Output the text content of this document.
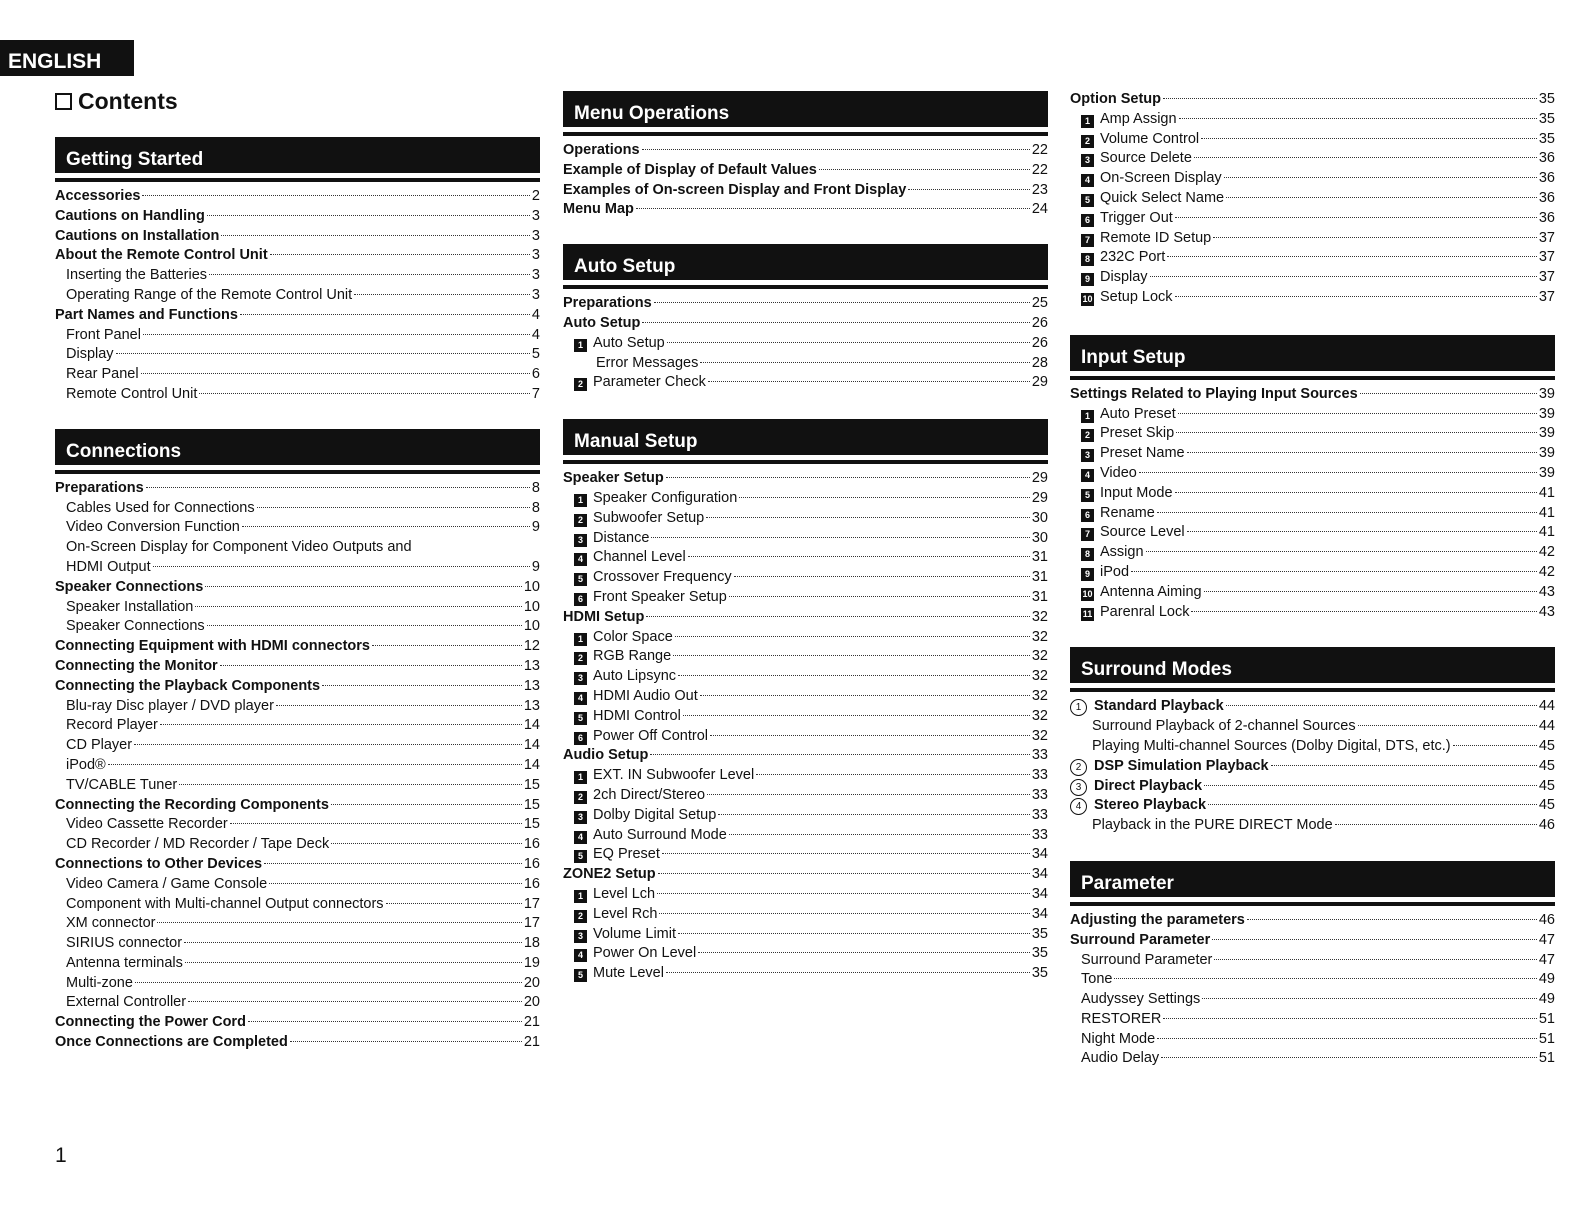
ENGLISH
Contents
Getting Started
Accessories	2
Cautions on Handling	3
Cautions on Installation	3
About the Remote Control Unit	3
Inserting the Batteries	3
Operating Range of the Remote Control Unit	3
Part Names and Functions	4
Front Panel	4
Display	5
Rear Panel	6
Remote Control Unit	7
Connections
Preparations	8
Cables Used for Connections	8
Video Conversion Function	9
On-Screen Display for Component Video Outputs and
HDMI Output	9
Speaker Connections	10
Speaker Installation	10
Speaker Connections	10
Connecting Equipment with HDMI connectors	12
Connecting the Monitor	13
Connecting the Playback Components	13
Blu-ray Disc player / DVD player	13
Record Player	14
CD Player	14
iPod®	14
TV/CABLE Tuner	15
Connecting the Recording Components	15
Video Cassette Recorder	15
CD Recorder / MD Recorder / Tape Deck	16
Connections to Other Devices	16
Video Camera / Game Console	16
Component with Multi-channel Output connectors	17
XM connector	17
SIRIUS connector	18
Antenna terminals	19
Multi-zone	20
External Controller	20
Connecting the Power Cord	21
Once Connections are Completed	21
Menu Operations
Operations	22
Example of Display of Default Values	22
Examples of On-screen Display and Front Display	23
Menu Map	24
Auto Setup
Preparations	25
Auto Setup	26
1 Auto Setup	26
Error Messages	28
2 Parameter Check	29
Manual Setup
Speaker Setup	29
1 Speaker Configuration	29
2 Subwoofer Setup	30
3 Distance	30
4 Channel Level	31
5 Crossover Frequency	31
6 Front Speaker Setup	31
HDMI Setup	32
1 Color Space	32
2 RGB Range	32
3 Auto Lipsync	32
4 HDMI Audio Out	32
5 HDMI Control	32
6 Power Off Control	32
Audio Setup	33
1 EXT. IN Subwoofer Level	33
2 2ch Direct/Stereo	33
3 Dolby Digital Setup	33
4 Auto Surround Mode	33
5 EQ Preset	34
ZONE2 Setup	34
1 Level Lch	34
2 Level Rch	34
3 Volume Limit	35
4 Power On Level	35
5 Mute Level	35
Option Setup	35
1 Amp Assign	35
2 Volume Control	35
3 Source Delete	36
4 On-Screen Display	36
5 Quick Select Name	36
6 Trigger Out	36
7 Remote ID Setup	37
8 232C Port	37
9 Display	37
10 Setup Lock	37
Input Setup
Settings Related to Playing Input Sources	39
1 Auto Preset	39
2 Preset Skip	39
3 Preset Name	39
4 Video	39
5 Input Mode	41
6 Rename	41
7 Source Level	41
8 Assign	42
9 iPod	42
10 Antenna Aiming	43
11 Parenral Lock	43
Surround Modes
1 Standard Playback	44
Surround Playback of 2-channel Sources	44
Playing Multi-channel Sources (Dolby Digital, DTS, etc.)	45
2 DSP Simulation Playback	45
3 Direct Playback	45
4 Stereo Playback	45
Playback in the PURE DIRECT Mode	46
Parameter
Adjusting the parameters	46
Surround Parameter	47
Surround Parameter	47
Tone	49
Audyssey Settings	49
RESTORER	51
Night Mode	51
Audio Delay	51
1
